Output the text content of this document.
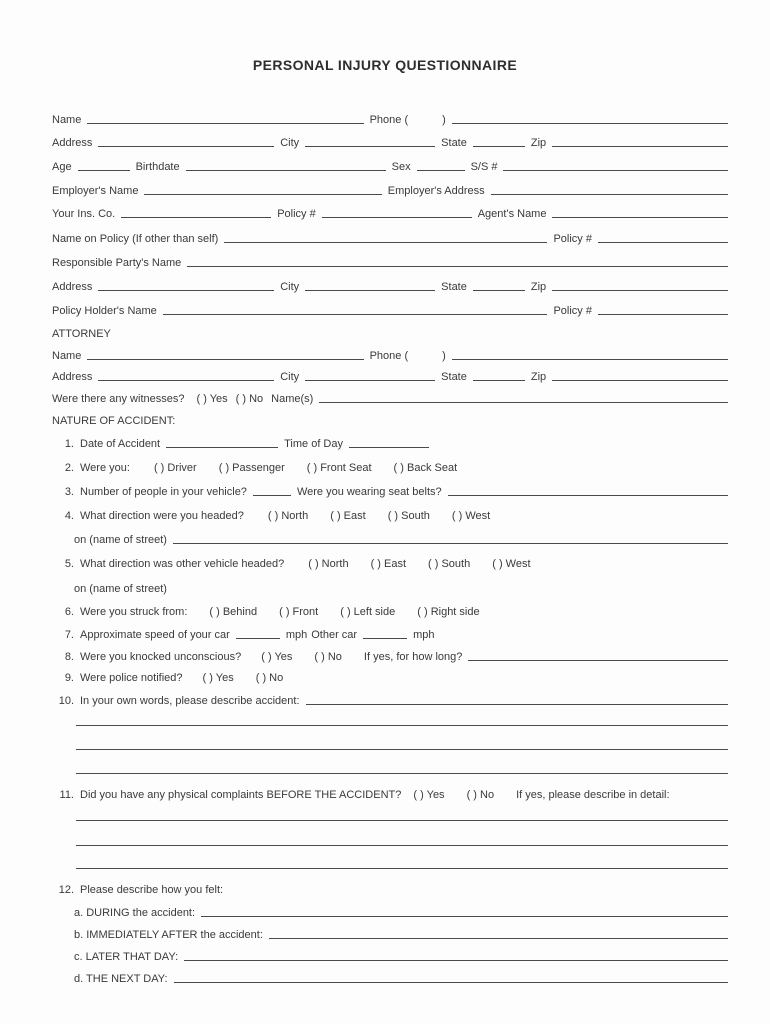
PERSONAL INJURY QUESTIONNAIRE
Name	Phone (	)
Address	City	State	Zip
Age	Birthdate	Sex	S/S #
Employer's Name	Employer's Address
Your Ins. Co.	Policy #	Agent's Name
Name on Policy (If other than self)	Policy #
Responsible Party's Name
Address	City	State	Zip
Policy Holder's Name	Policy #
ATTORNEY
Name	Phone (	)
Address	City	State	Zip
Were there any witnesses?	( ) Yes ( ) No Name(s)
NATURE OF ACCIDENT:
1. Date of Accident	Time of Day
2. Were you:	( ) Driver ( ) Passenger ( ) Front Seat ( ) Back Seat
3. Number of people in your vehicle?	Were you wearing seat belts?
4. What direction were you headed?	( ) North ( ) East ( ) South ( ) West
on (name of street)
5. What direction was other vehicle headed?	( ) North ( ) East ( ) South ( ) West
on (name of street)
6. Were you struck from:	( ) Behind ( ) Front ( ) Left side ( ) Right side
7. Approximate speed of your car	mph Other car	mph
8. Were you knocked unconscious?	( ) Yes ( ) No If yes, for how long?
9. Were police notified?	( ) Yes ( ) No
10. In your own words, please describe accident:
11. Did you have any physical complaints BEFORE THE ACCIDENT?	( ) Yes ( ) No If yes, please describe in detail:
12. Please describe how you felt:
a. DURING the accident:
b. IMMEDIATELY AFTER the accident:
c. LATER THAT DAY:
d. THE NEXT DAY:
